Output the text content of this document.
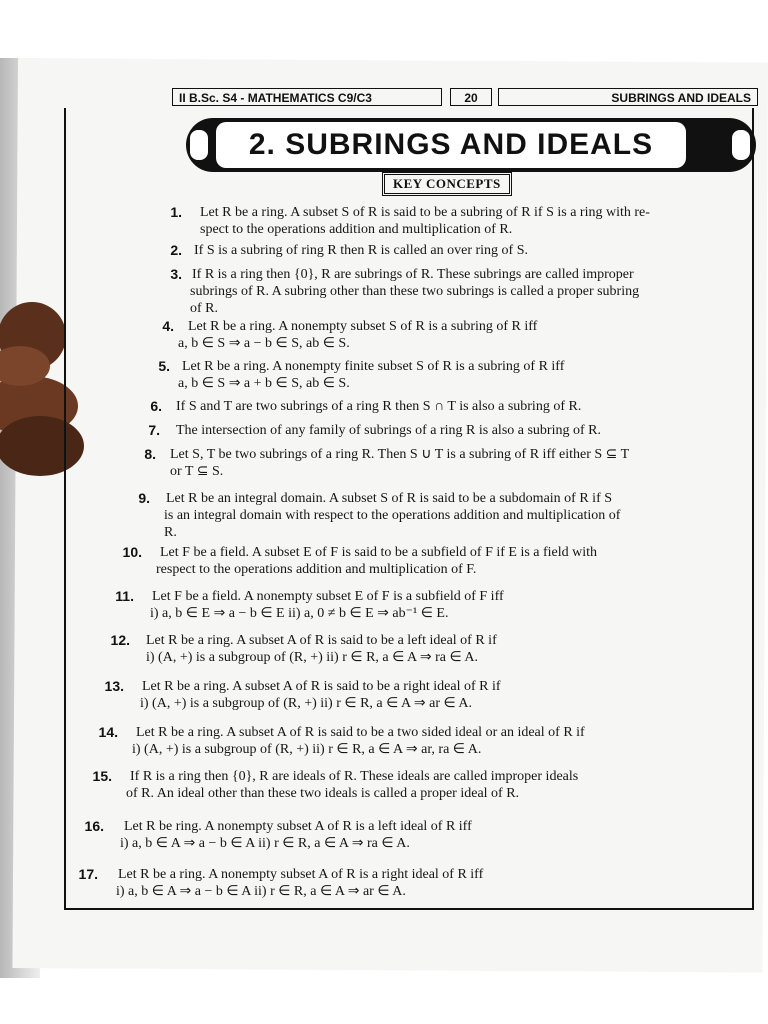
II B.Sc. S4 - MATHEMATICS C9/C3	20	SUBRINGS AND IDEALS
2. SUBRINGS AND IDEALS
KEY CONCEPTS
1. Let R be a ring. A subset S of R is said to be a subring of R if S is a ring with re-
spect to the operations addition and multiplication of R.
2. If S is a subring of ring R then R is called an over ring of S.
3. If R is a ring then {0}, R are subrings of R. These subrings are called improper
subrings of R. A subring other than these two subrings is called a proper subring
of R.
4. Let R be a ring. A nonempty subset S of R is a subring of R iff
a, b ∈ S ⇒ a − b ∈ S, ab ∈ S.
5. Let R be a ring. A nonempty finite subset S of R is a subring of R iff
a, b ∈ S ⇒ a + b ∈ S, ab ∈ S.
6. If S and T are two subrings of a ring R then S ∩ T is also a subring of R.
7. The intersection of any family of subrings of a ring R is also a subring of R.
8. Let S, T be two subrings of a ring R. Then S ∪ T is a subring of R iff either S ⊆ T
or T ⊆ S.
9. Let R be an integral domain. A subset S of R is said to be a subdomain of R if S
is an integral domain with respect to the operations addition and multiplication of
R.
10. Let F be a field. A subset E of F is said to be a subfield of F if E is a field with
respect to the operations addition and multiplication of F.
11. Let F be a field. A nonempty subset E of F is a subfield of F iff
i) a, b ∈ E ⇒ a − b ∈ E ii) a, 0 ≠ b ∈ E ⇒ ab⁻¹ ∈ E.
12. Let R be a ring. A subset A of R is said to be a left ideal of R if
i) (A, +) is a subgroup of (R, +) ii) r ∈ R, a ∈ A ⇒ ra ∈ A.
13. Let R be a ring. A subset A of R is said to be a right ideal of R if
i) (A, +) is a subgroup of (R, +) ii) r ∈ R, a ∈ A ⇒ ar ∈ A.
14. Let R be a ring. A subset A of R is said to be a two sided ideal or an ideal of R if
i) (A, +) is a subgroup of (R, +) ii) r ∈ R, a ∈ A ⇒ ar, ra ∈ A.
15. If R is a ring then {0}, R are ideals of R. These ideals are called improper ideals
of R. An ideal other than these two ideals is called a proper ideal of R.
16. Let R be ring. A nonempty subset A of R is a left ideal of R iff
i) a, b ∈ A ⇒ a − b ∈ A ii) r ∈ R, a ∈ A ⇒ ra ∈ A.
17. Let R be a ring. A nonempty subset A of R is a right ideal of R iff
i) a, b ∈ A ⇒ a − b ∈ A ii) r ∈ R, a ∈ A ⇒ ar ∈ A.
